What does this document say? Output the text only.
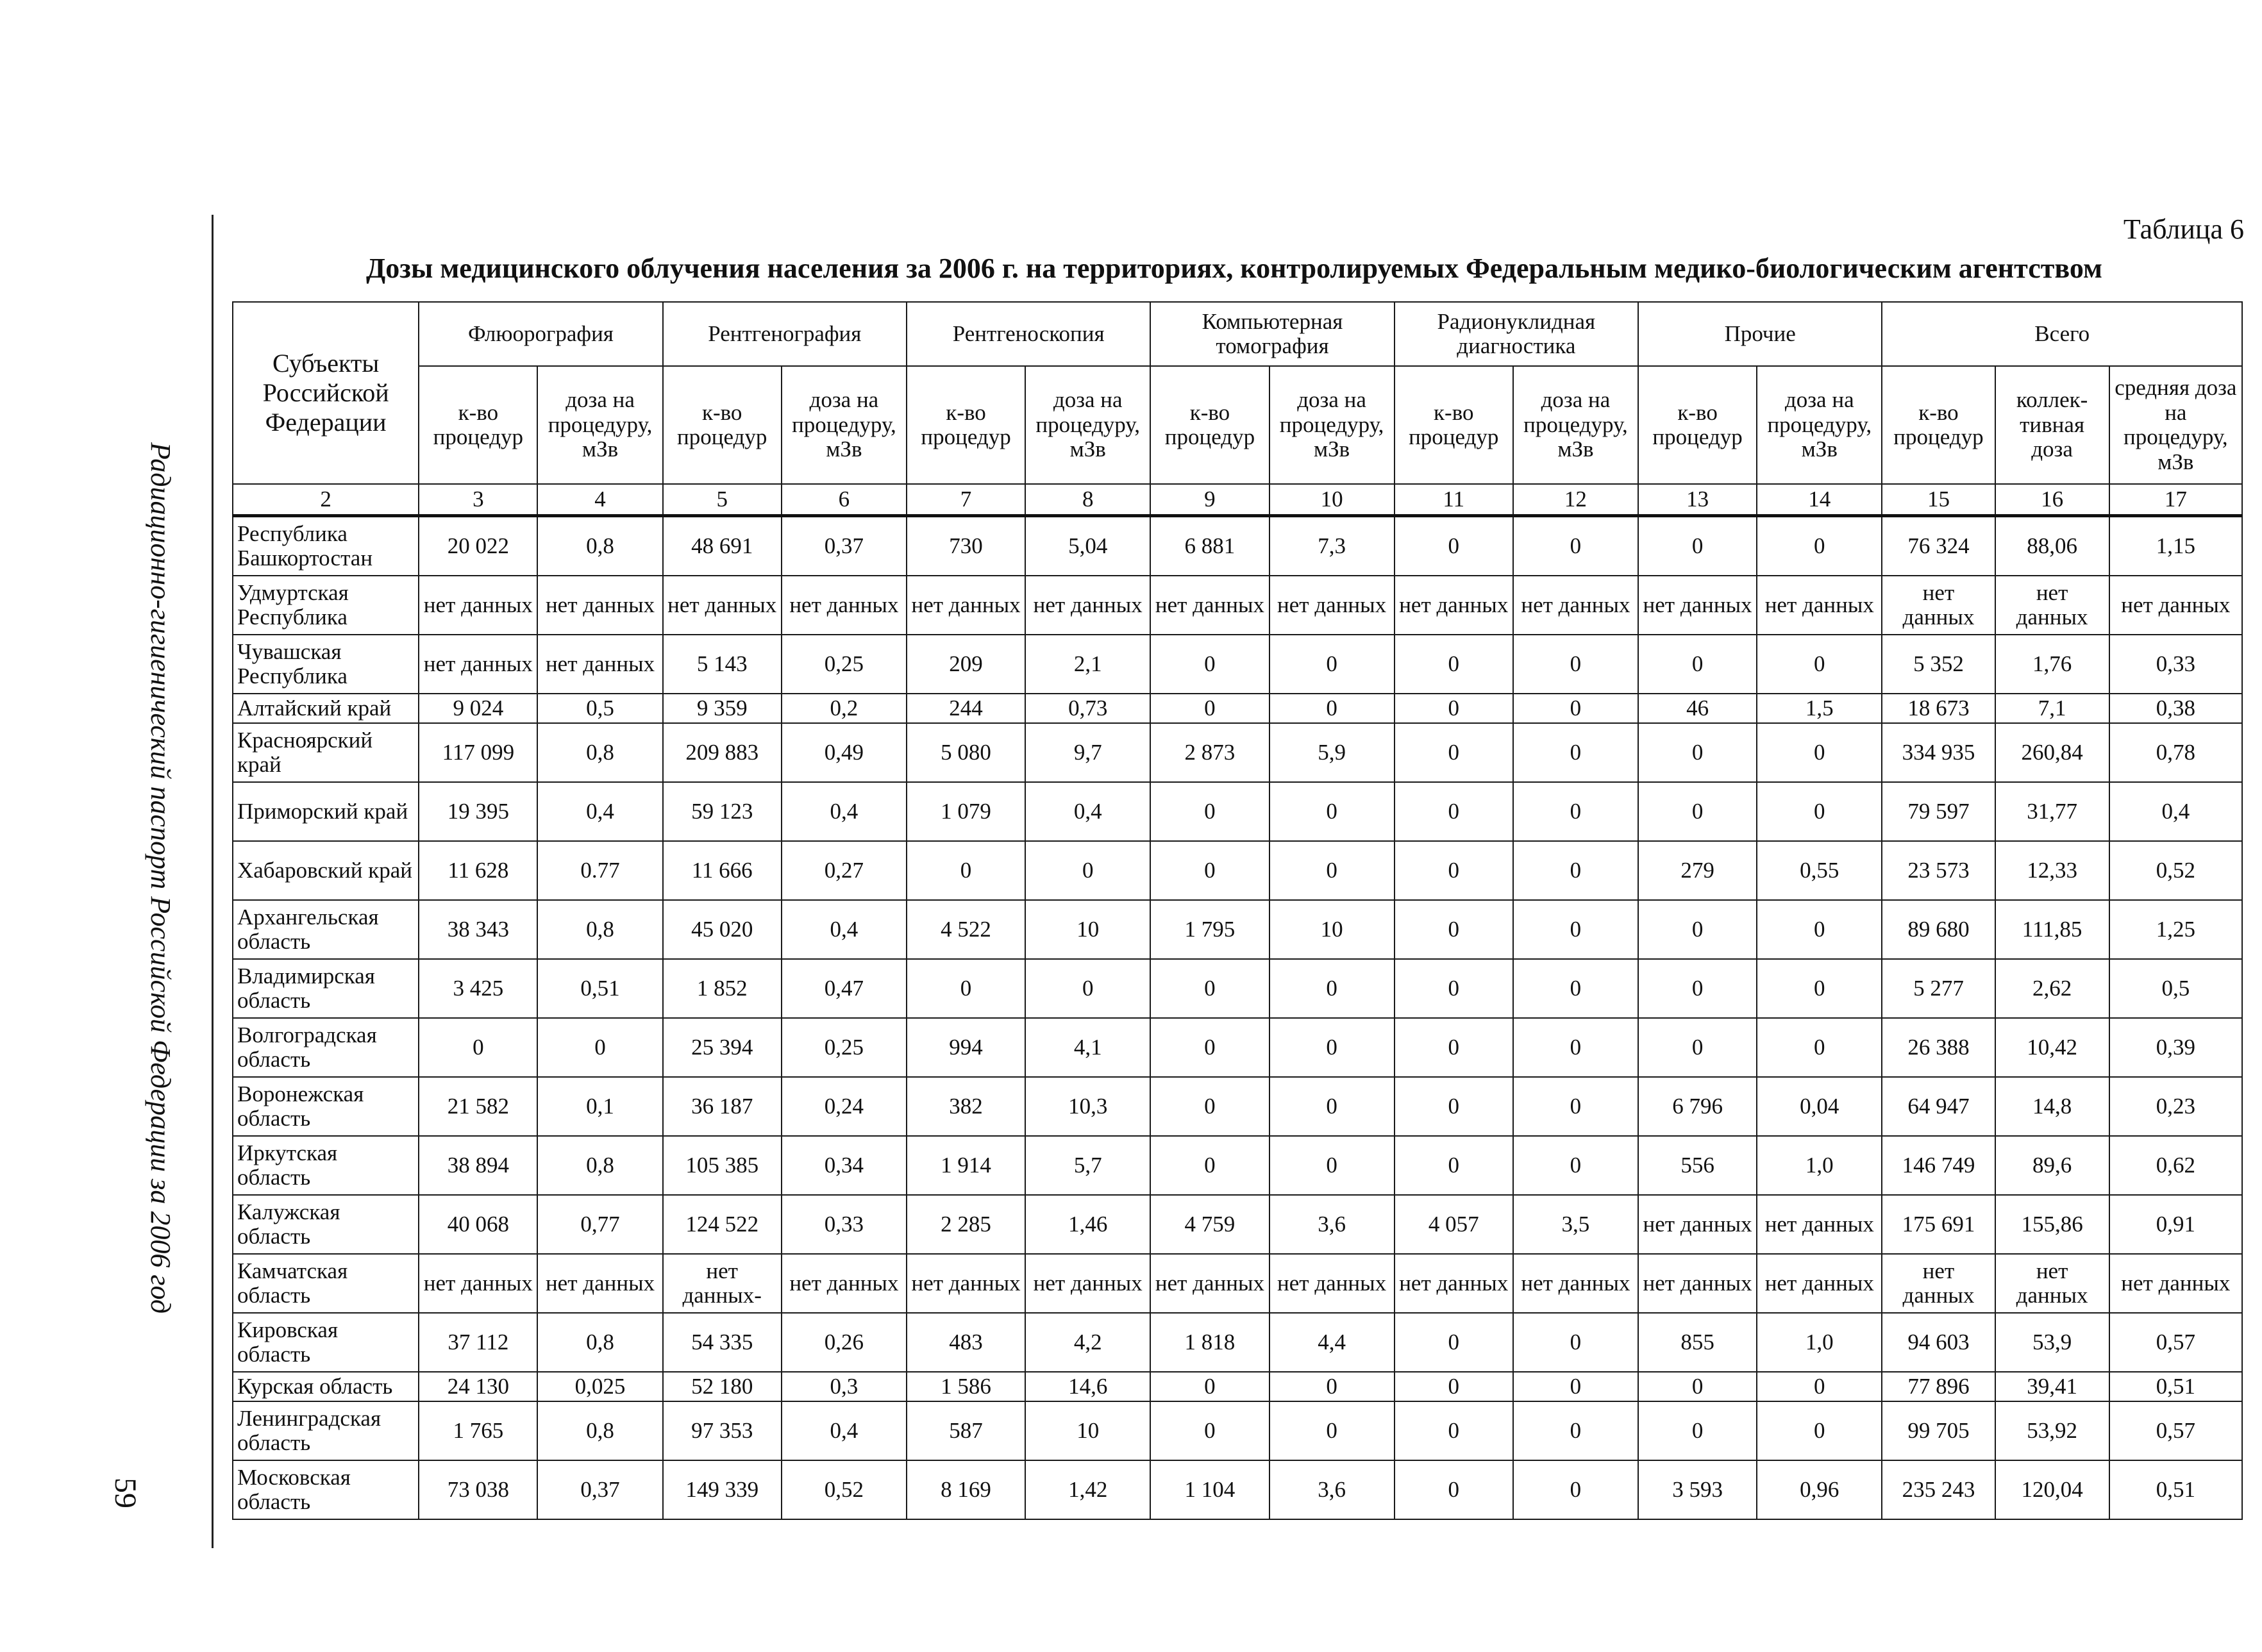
Радиационно-гигиенический паспорт Российской Федерации за 2006 год
59
Таблица 6
Дозы медицинского облучения населения за 2006 г. на территориях, контролируемых Федеральным медико-биологическим агентством
Субъекты Российской Федерации	Флюорография		Рентгенография		Рентгеноскопия		Компьютерная томография		Радионуклидная диагностика		Прочие		Всего		
	к-во процедур	доза на процедуру, мЗв	к-во процедур	доза на процедуру, мЗв	к-во процедур	доза на процедуру, мЗв	к-во процедур	доза на процедуру, мЗв	к-во процедур	доза на процедуру, мЗв	к-во процедур	доза на процедуру, мЗв	к-во процедур	коллек-тивная доза	средняя доза на процедуру, мЗв
2	3	4	5	6	7	8	9	10	11	12	13	14	15	16	17
Республика Башкортостан	20 022	0,8	48 691	0,37	730	5,04	6 881	7,3	0	0	0	0	76 324	88,06	1,15
Удмуртская Республика	нет данных	нет данных	нет данных	нет данных	нет данных	нет данных	нет данных	нет данных	нет данных	нет данных	нет данных	нет данных	нет данных	нет данных	нет данных
Чувашская Республика	нет данных	нет данных	5 143	0,25	209	2,1	0	0	0	0	0	0	5 352	1,76	0,33
Алтайский край	9 024	0,5	9 359	0,2	244	0,73	0	0	0	0	46	1,5	18 673	7,1	0,38
Красноярский край	117 099	0,8	209 883	0,49	5 080	9,7	2 873	5,9	0	0	0	0	334 935	260,84	0,78
Приморский край	19 395	0,4	59 123	0,4	1 079	0,4	0	0	0	0	0	0	79 597	31,77	0,4
Хабаровский край	11 628	0.77	11 666	0,27	0	0	0	0	0	0	279	0,55	23 573	12,33	0,52
Архангельская область	38 343	0,8	45 020	0,4	4 522	10	1 795	10	0	0	0	0	89 680	111,85	1,25
Владимирская область	3 425	0,51	1 852	0,47	0	0	0	0	0	0	0	0	5 277	2,62	0,5
Волгоградская область	0	0	25 394	0,25	994	4,1	0	0	0	0	0	0	26 388	10,42	0,39
Воронежская область	21 582	0,1	36 187	0,24	382	10,3	0	0	0	0	6 796	0,04	64 947	14,8	0,23
Иркутская область	38 894	0,8	105 385	0,34	1 914	5,7	0	0	0	0	556	1,0	146 749	89,6	0,62
Калужская область	40 068	0,77	124 522	0,33	2 285	1,46	4 759	3,6	4 057	3,5	нет данных	нет данных	175 691	155,86	0,91
Камчатская область	нет данных	нет данных	нет данных-	нет данных	нет данных	нет данных	нет данных	нет данных	нет данных	нет данных	нет данных	нет данных	нет данных	нет данных	нет данных
Кировская область	37 112	0,8	54 335	0,26	483	4,2	1 818	4,4	0	0	855	1,0	94 603	53,9	0,57
Курская область	24 130	0,025	52 180	0,3	1 586	14,6	0	0	0	0	0	0	77 896	39,41	0,51
Ленинградская область	1 765	0,8	97 353	0,4	587	10	0	0	0	0	0	0	99 705	53,92	0,57
Московская область	73 038	0,37	149 339	0,52	8 169	1,42	1 104	3,6	0	0	3 593	0,96	235 243	120,04	0,51
